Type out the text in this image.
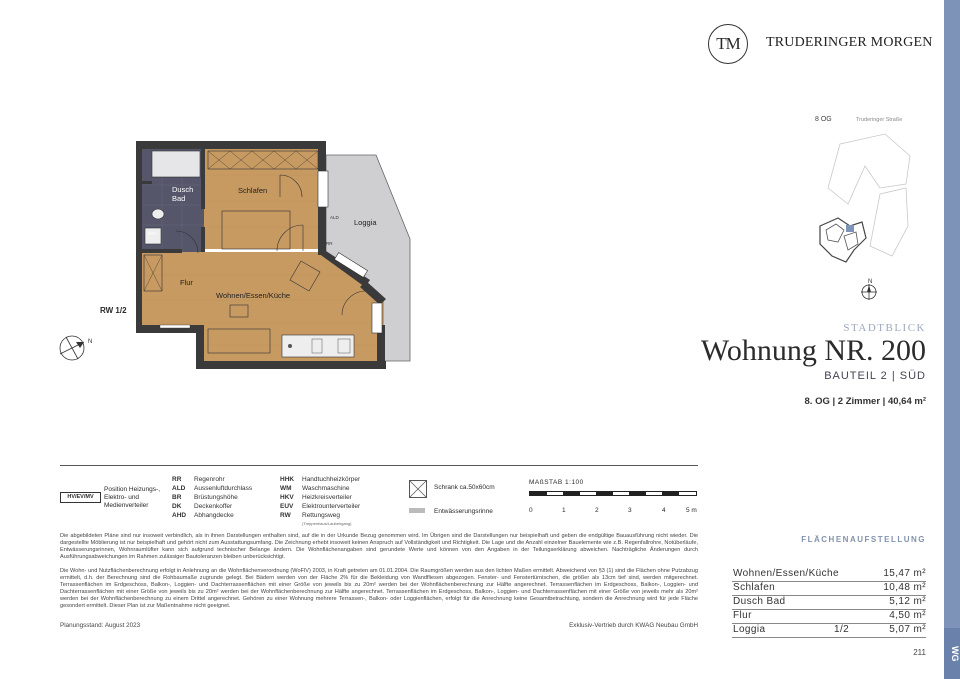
WG
TM	TRUDERINGER MORGEN
8 OG	Truderinger Straße
N
N
Dusch Bad
Schlafen
Loggia
Flur
Wohnen/Essen/Küche
WM
ALD
RR
HV/EV/MV
RW 1/2
STADTBLICK
Wohnung NR. 200
BAUTEIL 2 | SÜD
8. OG | 2 Zimmer | 40,64 m²
HV/EV/MV
Position Heizungs-, Elektro- und Medienverteiler
RR Regenrohr
ALD Aussenluftdurchlass
BR Brüstungshöhe
DK Deckenkoffer
AHD Abhangdecke
HHK Handtuchheizkörper
WM Waschmaschine
HKV Heizkreisverteiler
EUV Elektrounterverteiler
RW Rettungsweg
(Treppenhaus/Laubengang)
Schrank ca.50x60cm
Entwässerungsrinne
MAßSTAB 1:100
0	1	2	3	4	5 m
Die abgebildeten Pläne sind nur insoweit verbindlich, als in ihnen Darstellungen enthalten sind, auf die in der Urkunde Bezug genommen wird. Im Übrigen sind die Darstellungen nur beispielhaft und geben die endgültige Bauausführung nicht wieder. Die dargestellte Möblierung ist nur beispielhaft und gehört nicht zum Ausstattungsumfang. Die Zeichnung erhebt insoweit keinen Anspruch auf Vollständigkeit und Richtigkeit. Die Lage und die Anzahl einzelner Bauelemente wie z.B. Regenfallrohre, Notüberläufe, Entwässerungsrinnen, Wohnraumlüfter kann sich aufgrund technischer Belange ändern. Die Wohnflächenangaben sind gerundete Werte und können von den Angaben in der Teilungserklärung abweichen. Nachträgliche Änderungen durch Ausführungsabweichungen im Rahmen zulässiger Bautoleranzen bleiben unberücksichtigt.
Die Wohn- und Nutzflächenberechnung erfolgt in Anlehnung an die Wohnflächenverordnung (WoFlV) 2003, in Kraft getreten am 01.01.2004. Die Raumgrößen werden aus den lichten Maßen ermittelt. Abweichend von §3 (1) sind die Flächen ohne Putzabzug ermittelt, d.h. der Berechnung sind die Rohbaumaße zugrunde gelegt. Bei Bädern werden von der Fläche 2% für die Bekleidung von Wandfliesen abgezogen. Fenster- und Fenstertürnischen, die größer als 13cm tief sind, werden mitgerechnet. Terrassenflächen im Erdgeschoss, Balkon-, Loggien- und Dachterrassenflächen mit einer Größe von jeweils bis zu 20m² werden bei der Wohnflächenberechnung zur Hälfte angerechnet. Terrassenflächen im Erdgeschoss, Balkon-, Loggien- und Dachterrassenflächen mit einer Größe von jeweils bis zu 20m² werden bei der Wohnflächenberechnung zur Hälfte angerechnet. Terrassenflächen im Erdgeschoss, Balkon-, Loggien- und Dachterrassenflächen mit einer Größe von jeweils mehr als 20m² werden bei der Wohnflächenberechnung zu einem Drittel angerechnet. Gehören zu einer Wohnung mehrere Terrassen-, Balkon- oder Loggienflächen, erfolgt für die Anrechnung keine Gesamtbetrachtung, sondern die Anrechnung wird für jede Fläche gesondert ermittelt. Dieser Plan ist zur Maßentnahme nicht geeignet.
Planungsstand: August 2023	Exklusiv-Vertrieb durch KWAG Neubau GmbH
FLÄCHENAUFSTELLUNG
Wohnen/Essen/Küche	15,47 m²
Schlafen	10,48 m²
Dusch Bad	5,12 m²
Flur	4,50 m²
Loggia	1/2	5,07 m²
211
